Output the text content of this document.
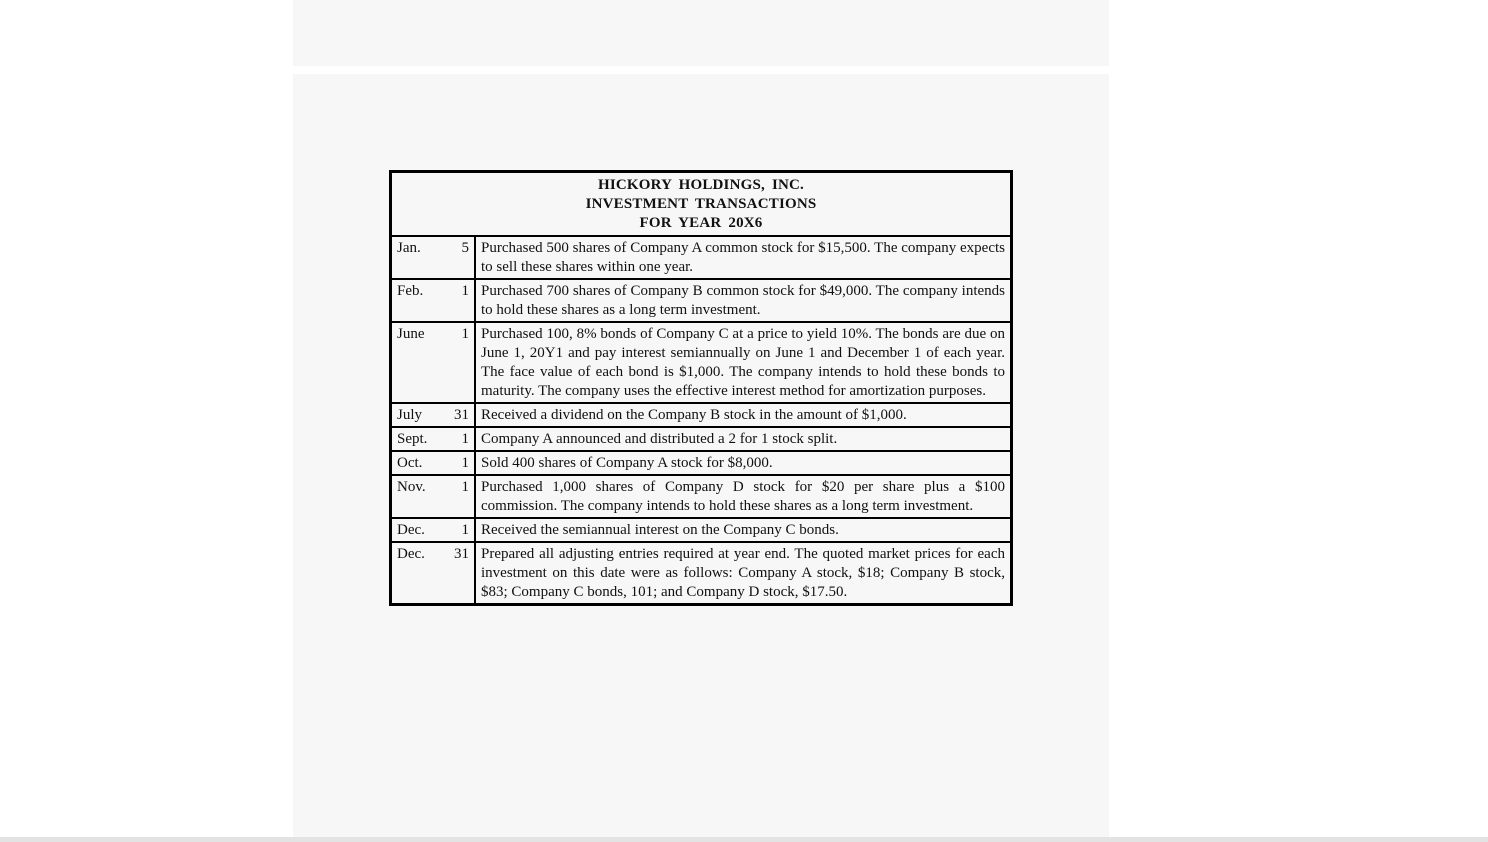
HICKORY HOLDINGS, INC.
INVESTMENT TRANSACTIONS
FOR YEAR 20X6	

Jan. 5	Purchased 500 shares of Company A common stock for $15,500. The company expects to sell these shares within one year.

Feb. 1	Purchased 700 shares of Company B common stock for $49,000. The company intends to hold these shares as a long term investment.

June 1	Purchased 100, 8% bonds of Company C at a price to yield 10%. The bonds are due on June 1, 20Y1 and pay interest semiannually on June 1 and December 1 of each year. The face value of each bond is $1,000. The company intends to hold these bonds to maturity. The company uses the effective interest method for amortization purposes.

July 31	Received a dividend on the Company B stock in the amount of $1,000.

Sept. 1	Company A announced and distributed a 2 for 1 stock split.

Oct. 1	Sold 400 shares of Company A stock for $8,000.

Nov. 1	Purchased 1,000 shares of Company D stock for $20 per share plus a $100 commission. The company intends to hold these shares as a long term investment.

Dec. 1	Received the semiannual interest on the Company C bonds.

Dec. 31	Prepared all adjusting entries required at year end. The quoted market prices for each investment on this date were as follows: Company A stock, $18; Company B stock, $83; Company C bonds, 101; and Company D stock, $17.50.
